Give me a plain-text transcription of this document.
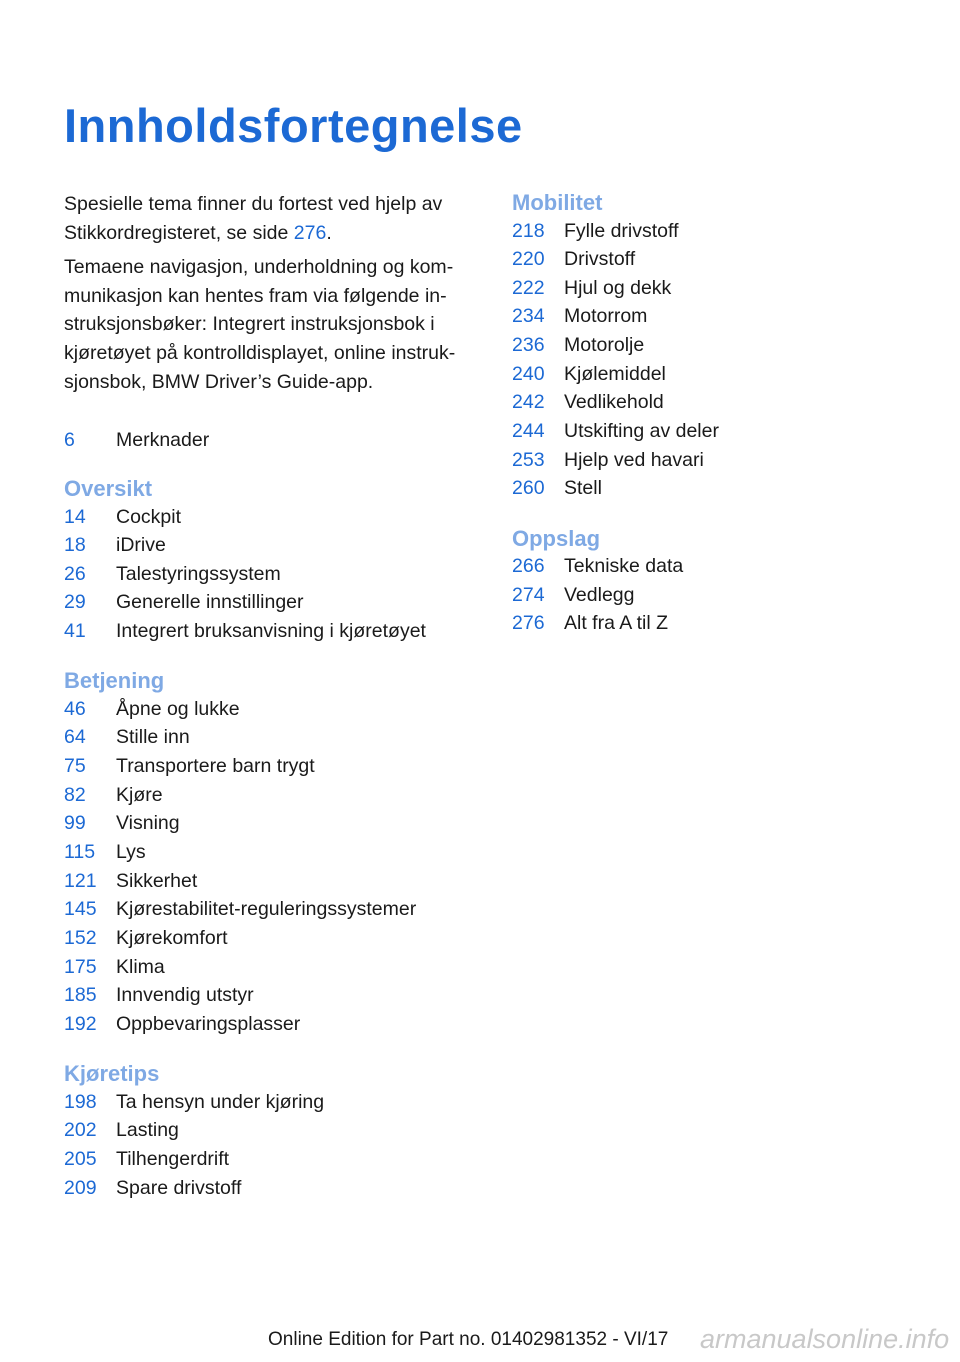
Innholdsfortegnelse

Spesielle tema finner du fortest ved hjelp av Stikkordregisteret, se side 276.

Temaene navigasjon, underholdning og kommunikasjon kan hentes fram via følgende instruksjonsbøker: Integrert instruksjonsbok i kjøretøyet på kontrolldisplayet, online instruksjonsbok, BMW Driver’s Guide-app.

6	Merknader
Oversikt
14	Cockpit
18	iDrive
26	Talestyringssystem
29	Generelle innstillinger
41	Integrert bruksanvisning i kjøretøyet
Betjening
46	Åpne og lukke
64	Stille inn
75	Transportere barn trygt
82	Kjøre
99	Visning
115	Lys
121 Sikkerhet
145 Kjørestabilitet-reguleringssystemer
152 Kjørekomfort
175 Klima
185 Innvendig utstyr
192 Oppbevaringsplasser
Kjøretips
198 Ta hensyn under kjøring
202 Lasting
205 Tilhengerdrift
209 Spare drivstoff
Mobilitet
218 Fylle drivstoff
220 Drivstoff
222 Hjul og dekk
234 Motorrom
236 Motorolje
240 Kjølemiddel
242 Vedlikehold
244 Utskifting av deler
253 Hjelp ved havari
260 Stell
Oppslag
266 Tekniske data
274 Vedlegg
276 Alt fra A til Z
Online Edition for Part no. 01402981352 - VI/17 armanualsonline.info
